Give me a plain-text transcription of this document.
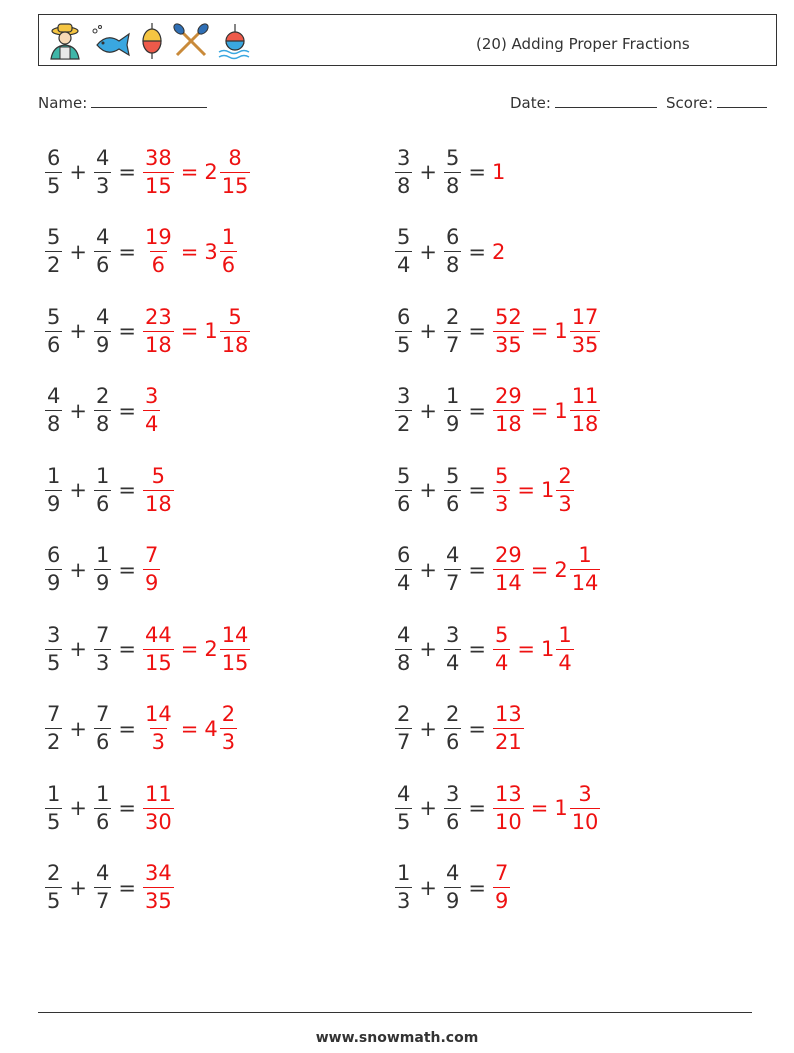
(20) Adding Proper Fractions
Name:	Date:	Score:
$\frac{6}{5} + \frac{4}{3} = \frac{38}{15} = 2 \frac{8}{15}$
$\frac{5}{2} + \frac{4}{6} = \frac{19}{6} = 3 \frac{1}{6}$
$\frac{5}{6} + \frac{4}{9} = \frac{23}{18} = 1 \frac{5}{18}$
$\frac{4}{8} + \frac{2}{8} = \frac{3}{4}$
$\frac{1}{9} + \frac{1}{6} = \frac{5}{18}$
$\frac{6}{9} + \frac{1}{9} = \frac{7}{9}$
$\frac{3}{5} + \frac{7}{3} = \frac{44}{15} = 2 \frac{14}{15}$
$\frac{7}{2} + \frac{7}{6} = \frac{14}{3} = 4 \frac{2}{3}$
$\frac{1}{5} + \frac{1}{6} = \frac{11}{30}$
$\frac{2}{5} + \frac{4}{7} = \frac{34}{35}$
$\frac{3}{8} + \frac{5}{8} = 1$
$\frac{5}{4} + \frac{6}{8} = 2$
$\frac{6}{5} + \frac{2}{7} = \frac{52}{35} = 1 \frac{17}{35}$
$\frac{3}{2} + \frac{1}{9} = \frac{29}{18} = 1 \frac{11}{18}$
$\frac{5}{6} + \frac{5}{6} = \frac{5}{3} = 1 \frac{2}{3}$
$\frac{6}{4} + \frac{4}{7} = \frac{29}{14} = 2 \frac{1}{14}$
$\frac{4}{8} + \frac{3}{4} = \frac{5}{4} = 1 \frac{1}{4}$
$\frac{2}{7} + \frac{2}{6} = \frac{13}{21}$
$\frac{4}{5} + \frac{3}{6} = \frac{13}{10} = 1 \frac{3}{10}$
$\frac{1}{3} + \frac{4}{9} = \frac{7}{9}$
www.snowmath.com
